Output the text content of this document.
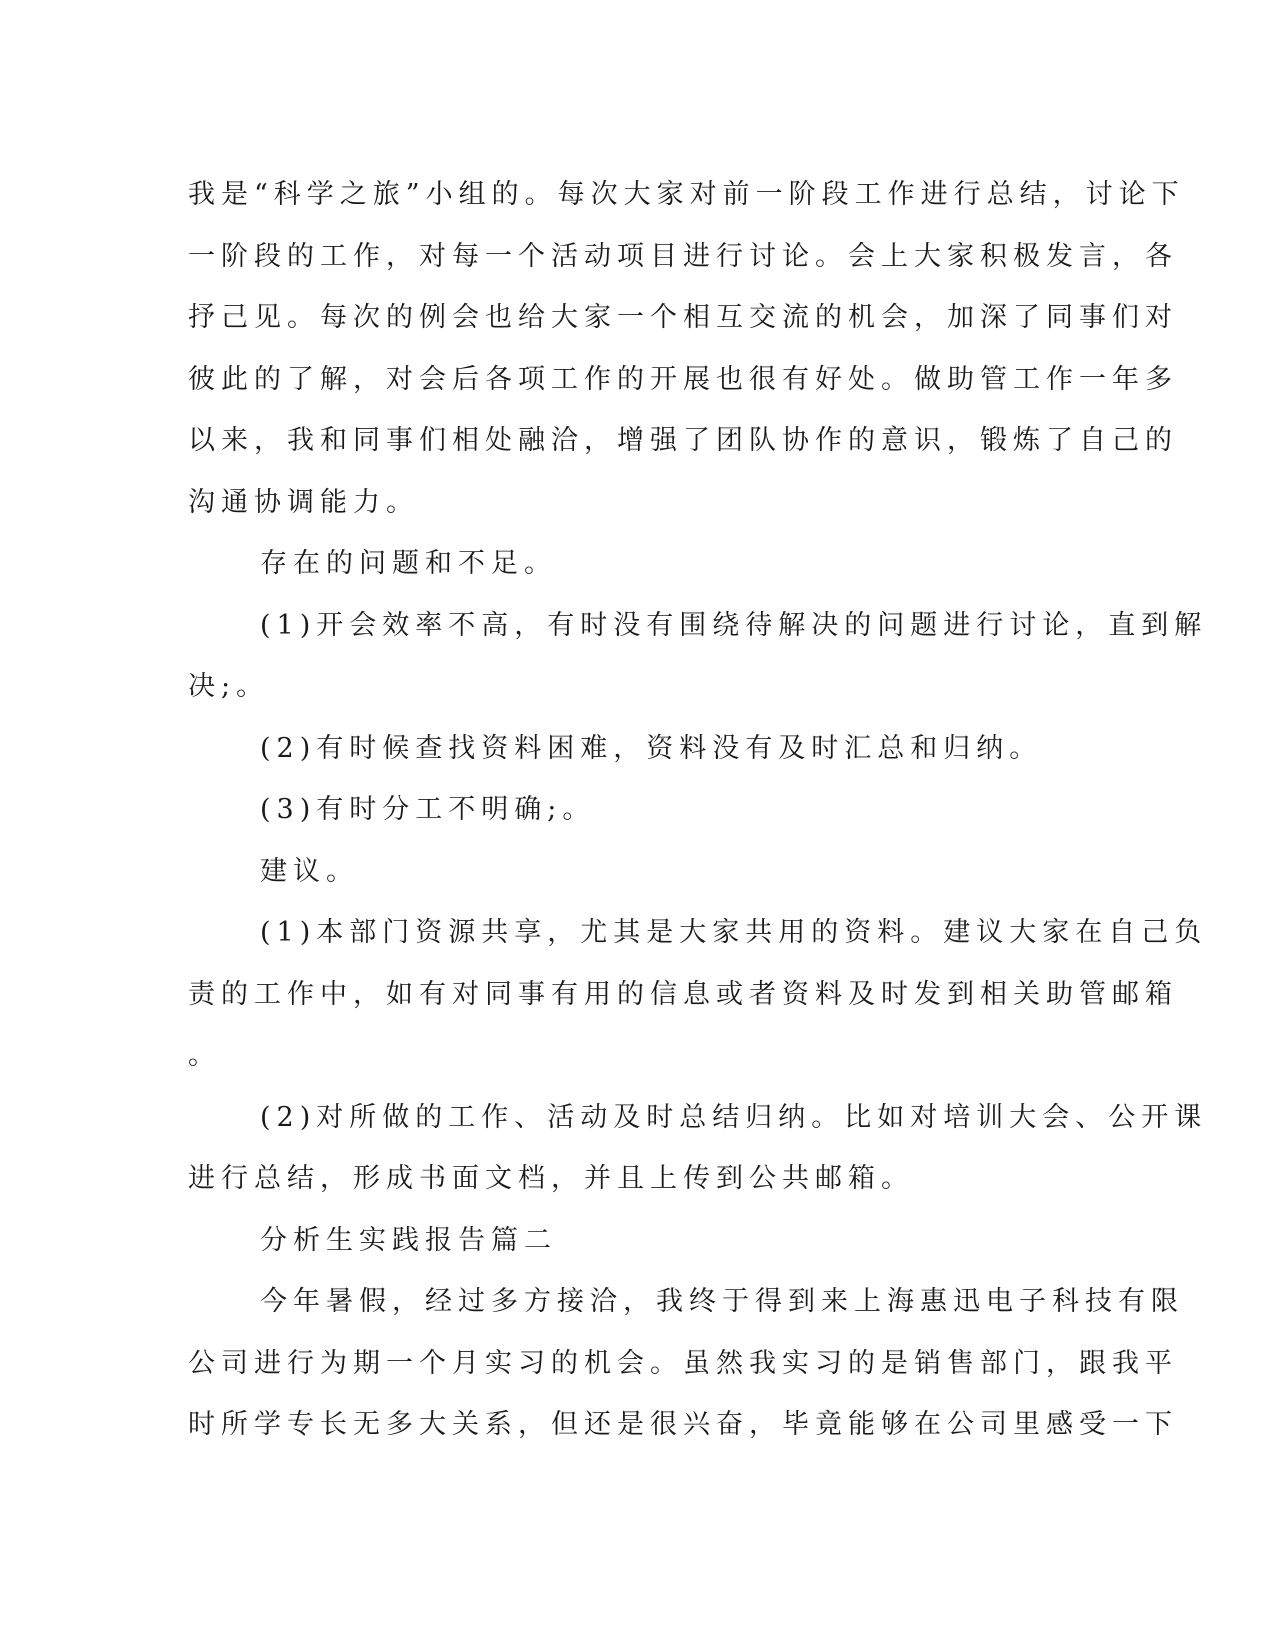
我是“科学之旅”小组的。每次大家对前一阶段工作进行总结，讨论下

一阶段的工作，对每一个活动项目进行讨论。会上大家积极发言，各

抒己见。每次的例会也给大家一个相互交流的机会，加深了同事们对

彼此的了解，对会后各项工作的开展也很有好处。做助管工作一年多

以来，我和同事们相处融洽，增强了团队协作的意识，锻炼了自己的

沟通协调能力。

存在的问题和不足。

(1)开会效率不高，有时没有围绕待解决的问题进行讨论，直到解

决;。

(2)有时候查找资料困难，资料没有及时汇总和归纳。

(3)有时分工不明确;。

建议。

(1)本部门资源共享，尤其是大家共用的资料。建议大家在自己负

责的工作中，如有对同事有用的信息或者资料及时发到相关助管邮箱

。

(2)对所做的工作、活动及时总结归纳。比如对培训大会、公开课

进行总结，形成书面文档，并且上传到公共邮箱。

分析生实践报告篇二

今年暑假，经过多方接洽，我终于得到来上海惠迅电子科技有限

公司进行为期一个月实习的机会。虽然我实习的是销售部门，跟我平

时所学专长无多大关系，但还是很兴奋，毕竟能够在公司里感受一下
